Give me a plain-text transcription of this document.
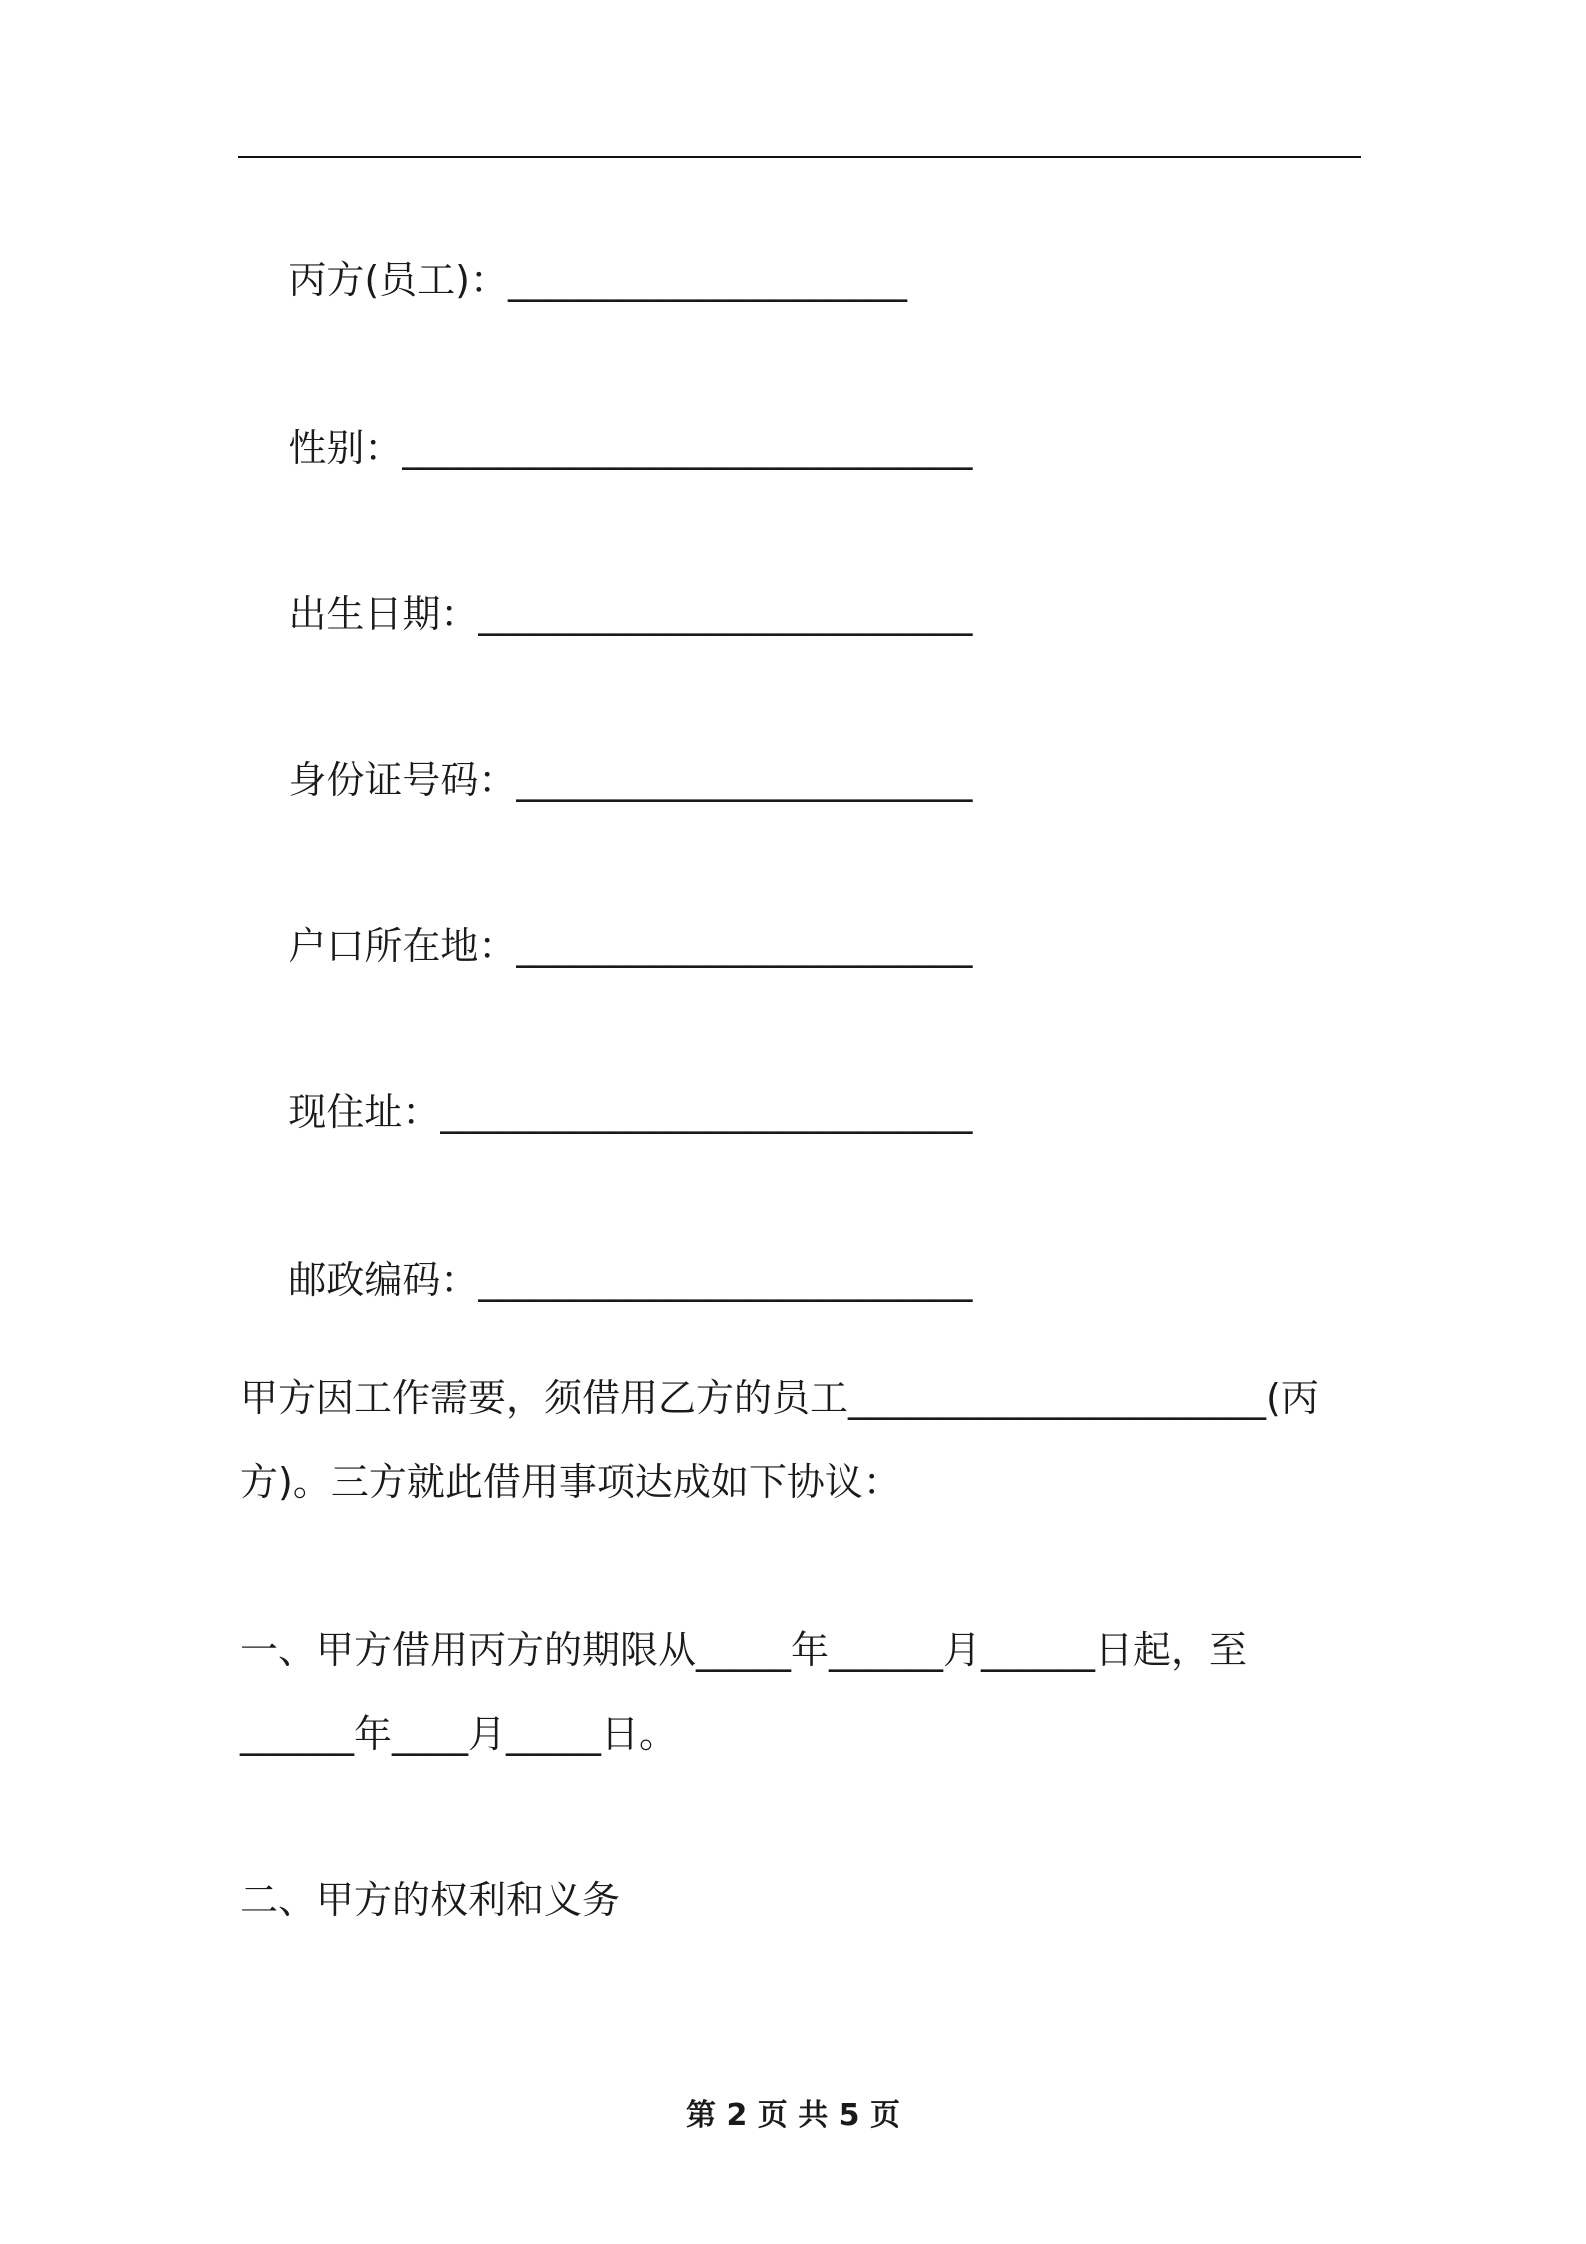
丙方(员工)：_____________________

性别：______________________________

出生日期：__________________________

身份证号码：________________________

户口所在地：________________________

现住址：____________________________

邮政编码：__________________________

甲方因工作需要，须借用乙方的员工______________________(丙
方)。三方就此借用事项达成如下协议：
一、甲方借用丙方的期限从_____年______月______日起，至
______年____月_____日。
二、甲方的权利和义务
第 2 页 共 5 页
